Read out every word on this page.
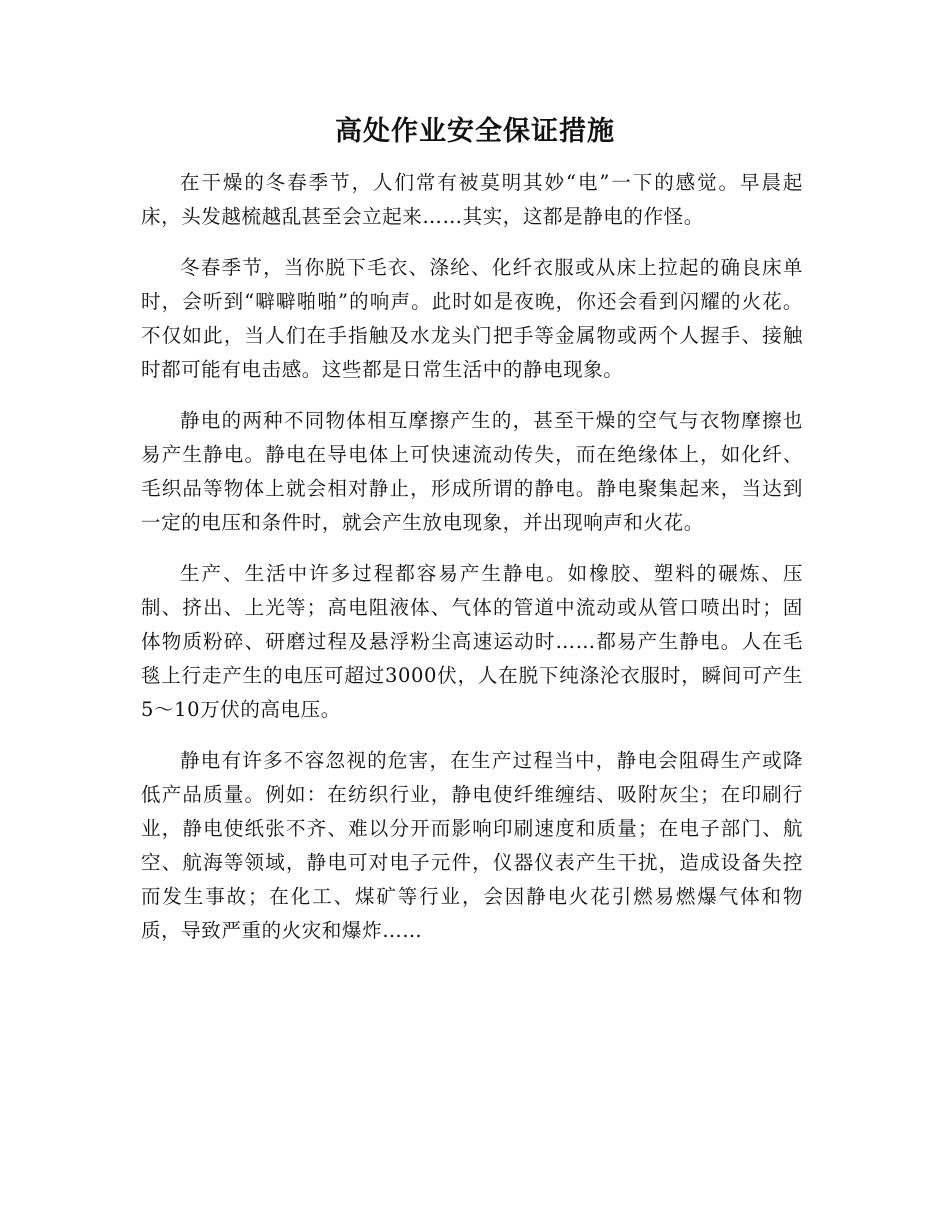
高处作业安全保证措施

在干燥的冬春季节，人们常有被莫明其妙“电”一下的感觉。早晨起床，头发越梳越乱甚至会立起来……其实，这都是静电的作怪。

冬春季节，当你脱下毛衣、涤纶、化纤衣服或从床上拉起的确良床单时，会听到“噼噼啪啪”的响声。此时如是夜晚，你还会看到闪耀的火花。不仅如此，当人们在手指触及水龙头门把手等金属物或两个人握手、接触时都可能有电击感。这些都是日常生活中的静电现象。

静电的两种不同物体相互摩擦产生的，甚至干燥的空气与衣物摩擦也易产生静电。静电在导电体上可快速流动传失，而在绝缘体上，如化纤、毛织品等物体上就会相对静止，形成所谓的静电。静电聚集起来，当达到一定的电压和条件时，就会产生放电现象，并出现响声和火花。

生产、生活中许多过程都容易产生静电。如橡胶、塑料的碾炼、压制、挤出、上光等；高电阻液体、气体的管道中流动或从管口喷出时；固体物质粉碎、研磨过程及悬浮粉尘高速运动时……都易产生静电。人在毛毯上行走产生的电压可超过3000伏，人在脱下纯涤沦衣服时，瞬间可产生5～10万伏的高电压。

静电有许多不容忽视的危害，在生产过程当中，静电会阻碍生产或降低产品质量。例如：在纺织行业，静电使纤维缠结、吸附灰尘；在印刷行业，静电使纸张不齐、难以分开而影响印刷速度和质量；在电子部门、航空、航海等领域，静电可对电子元件，仪器仪表产生干扰，造成设备失控而发生事故；在化工、煤矿等行业，会因静电火花引燃易燃爆气体和物质，导致严重的火灾和爆炸……
